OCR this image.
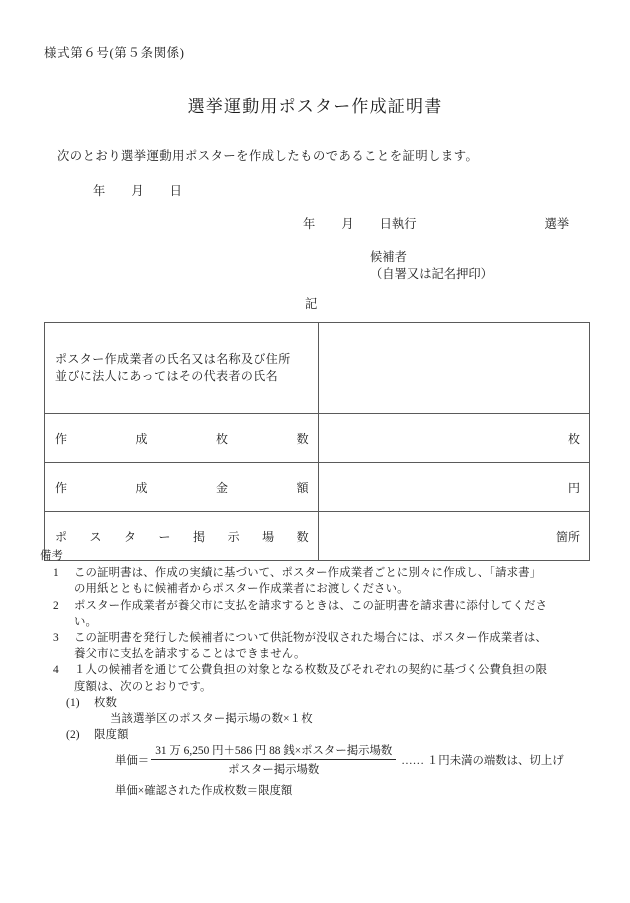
様式第６号(第５条関係)
選挙運動用ポスター作成証明書
次のとおり選挙運動用ポスターを作成したものであることを証明します。
年 月 日
年 月 日執行	選挙
候補者
（自署又は記名押印）
記
ポスター作成業者の氏名又は名称及び住所
並びに法人にあってはその代表者の氏名	

作成枚数	枚

作成金額	円

ポスター掲示場数	箇所
備考
1 この証明書は、作成の実績に基づいて、ポスター作成業者ごとに別々に作成し、「請求書」
の用紙とともに候補者からポスター作成業者にお渡しください。
2 ポスター作成業者が養父市に支払を請求するときは、この証明書を請求書に添付してくださ
い。
3 この証明書を発行した候補者について供託物が没収された場合には、ポスター作成業者は、
養父市に支払を請求することはできません。
4 １人の候補者を通じて公費負担の対象となる枚数及びそれぞれの契約に基づく公費負担の限
度額は、次のとおりです。
(1) 枚数
当該選挙区のポスター掲示場の数×１枚
(2) 限度額
単価＝ $\frac{\text{31 万 6,250 円＋586 円 88 銭×ポスター掲示場数}}{\text{ポスター掲示場数}}$ …… １円未満の端数は、切上げ
単価×確認された作成枚数＝限度額
